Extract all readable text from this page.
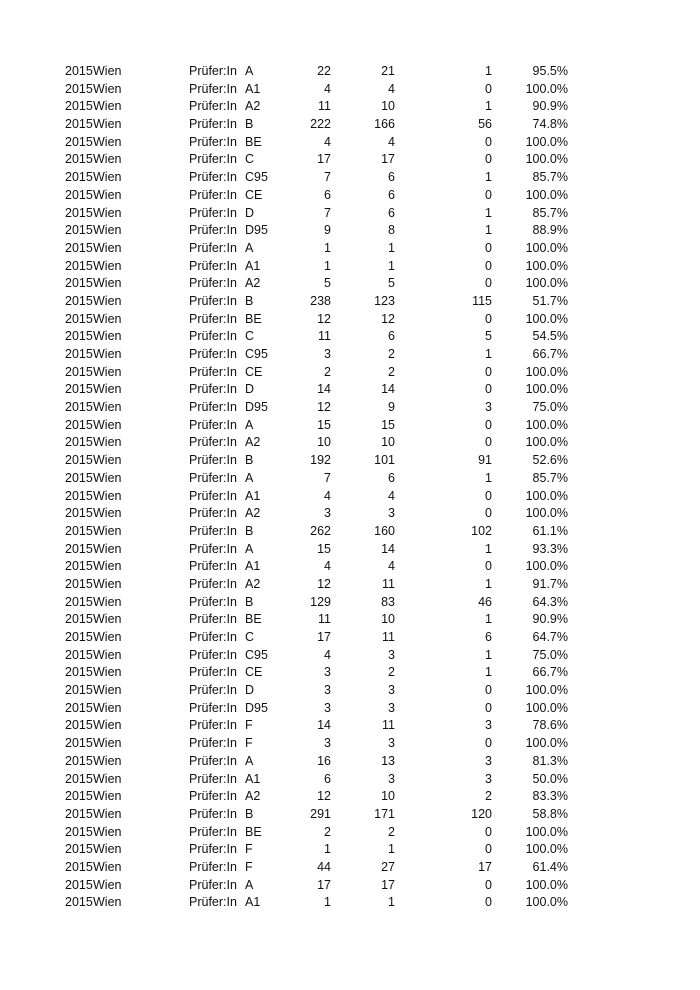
2015 Wien	Prüfer:In A	22	21	1	95.5%
2015 Wien	Prüfer:In A1	4	4	0	100.0%
2015 Wien	Prüfer:In A2	11	10	1	90.9%
2015 Wien	Prüfer:In B	222	166	56	74.8%
2015 Wien	Prüfer:In BE	4	4	0	100.0%
2015 Wien	Prüfer:In C	17	17	0	100.0%
2015 Wien	Prüfer:In C95	7	6	1	85.7%
2015 Wien	Prüfer:In CE	6	6	0	100.0%
2015 Wien	Prüfer:In D	7	6	1	85.7%
2015 Wien	Prüfer:In D95	9	8	1	88.9%
2015 Wien	Prüfer:In A	1	1	0	100.0%
2015 Wien	Prüfer:In A1	1	1	0	100.0%
2015 Wien	Prüfer:In A2	5	5	0	100.0%
2015 Wien	Prüfer:In B	238	123	115	51.7%
2015 Wien	Prüfer:In BE	12	12	0	100.0%
2015 Wien	Prüfer:In C	11	6	5	54.5%
2015 Wien	Prüfer:In C95	3	2	1	66.7%
2015 Wien	Prüfer:In CE	2	2	0	100.0%
2015 Wien	Prüfer:In D	14	14	0	100.0%
2015 Wien	Prüfer:In D95	12	9	3	75.0%
2015 Wien	Prüfer:In A	15	15	0	100.0%
2015 Wien	Prüfer:In A2	10	10	0	100.0%
2015 Wien	Prüfer:In B	192	101	91	52.6%
2015 Wien	Prüfer:In A	7	6	1	85.7%
2015 Wien	Prüfer:In A1	4	4	0	100.0%
2015 Wien	Prüfer:In A2	3	3	0	100.0%
2015 Wien	Prüfer:In B	262	160	102	61.1%
2015 Wien	Prüfer:In A	15	14	1	93.3%
2015 Wien	Prüfer:In A1	4	4	0	100.0%
2015 Wien	Prüfer:In A2	12	11	1	91.7%
2015 Wien	Prüfer:In B	129	83	46	64.3%
2015 Wien	Prüfer:In BE	11	10	1	90.9%
2015 Wien	Prüfer:In C	17	11	6	64.7%
2015 Wien	Prüfer:In C95	4	3	1	75.0%
2015 Wien	Prüfer:In CE	3	2	1	66.7%
2015 Wien	Prüfer:In D	3	3	0	100.0%
2015 Wien	Prüfer:In D95	3	3	0	100.0%
2015 Wien	Prüfer:In F	14	11	3	78.6%
2015 Wien	Prüfer:In F	3	3	0	100.0%
2015 Wien	Prüfer:In A	16	13	3	81.3%
2015 Wien	Prüfer:In A1	6	3	3	50.0%
2015 Wien	Prüfer:In A2	12	10	2	83.3%
2015 Wien	Prüfer:In B	291	171	120	58.8%
2015 Wien	Prüfer:In BE	2	2	0	100.0%
2015 Wien	Prüfer:In F	1	1	0	100.0%
2015 Wien	Prüfer:In F	44	27	17	61.4%
2015 Wien	Prüfer:In A	17	17	0	100.0%
2015 Wien	Prüfer:In A1	1	1	0	100.0%
